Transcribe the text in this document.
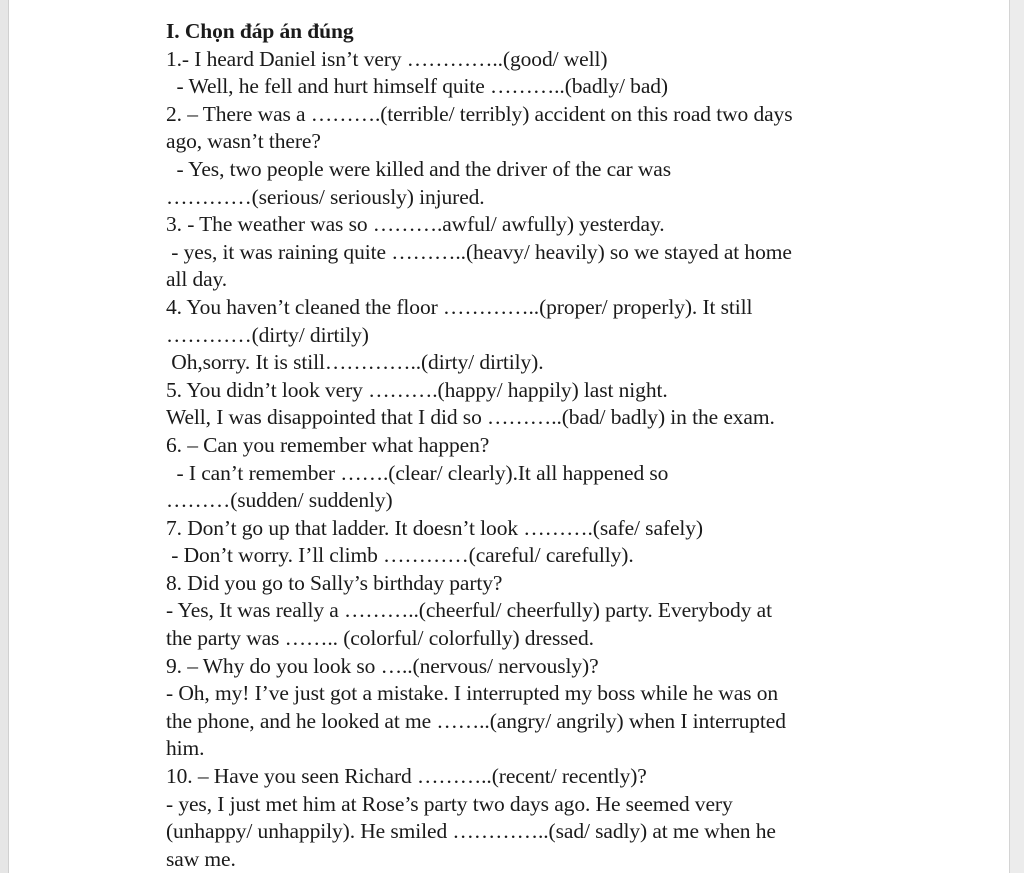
I. Chọn đáp án đúng
1.- I heard Daniel isn’t very …………..(good/ well)
- Well, he fell and hurt himself quite ………..(badly/ bad)
2. – There was a ……….(terrible/ terribly) accident on this road two days
ago, wasn’t there?
- Yes, two people were killed and the driver of the car was
…………(serious/ seriously) injured.
3. - The weather was so ……….awful/ awfully) yesterday.
- yes, it was raining quite ………..(heavy/ heavily) so we stayed at home
all day.
4. You haven’t cleaned the floor …………..(proper/ properly). It still
…………(dirty/ dirtily)
Oh,sorry. It is still…………..(dirty/ dirtily).
5. You didn’t look very ……….(happy/ happily) last night.
Well, I was disappointed that I did so ………..(bad/ badly) in the exam.
6. – Can you remember what happen?
- I can’t remember …….(clear/ clearly).It all happened so
………(sudden/ suddenly)
7. Don’t go up that ladder. It doesn’t look ……….(safe/ safely)
- Don’t worry. I’ll climb …………(careful/ carefully).
8. Did you go to Sally’s birthday party?
- Yes, It was really a ………..(cheerful/ cheerfully) party. Everybody at
the party was …….. (colorful/ colorfully) dressed.
9. – Why do you look so …..(nervous/ nervously)?
- Oh, my! I’ve just got a mistake. I interrupted my boss while he was on
the phone, and he looked at me ……..(angry/ angrily) when I interrupted
him.
10. – Have you seen Richard ………..(recent/ recently)?
- yes, I just met him at Rose’s party two days ago. He seemed very
(unhappy/ unhappily). He smiled …………..(sad/ sadly) at me when he
saw me.
